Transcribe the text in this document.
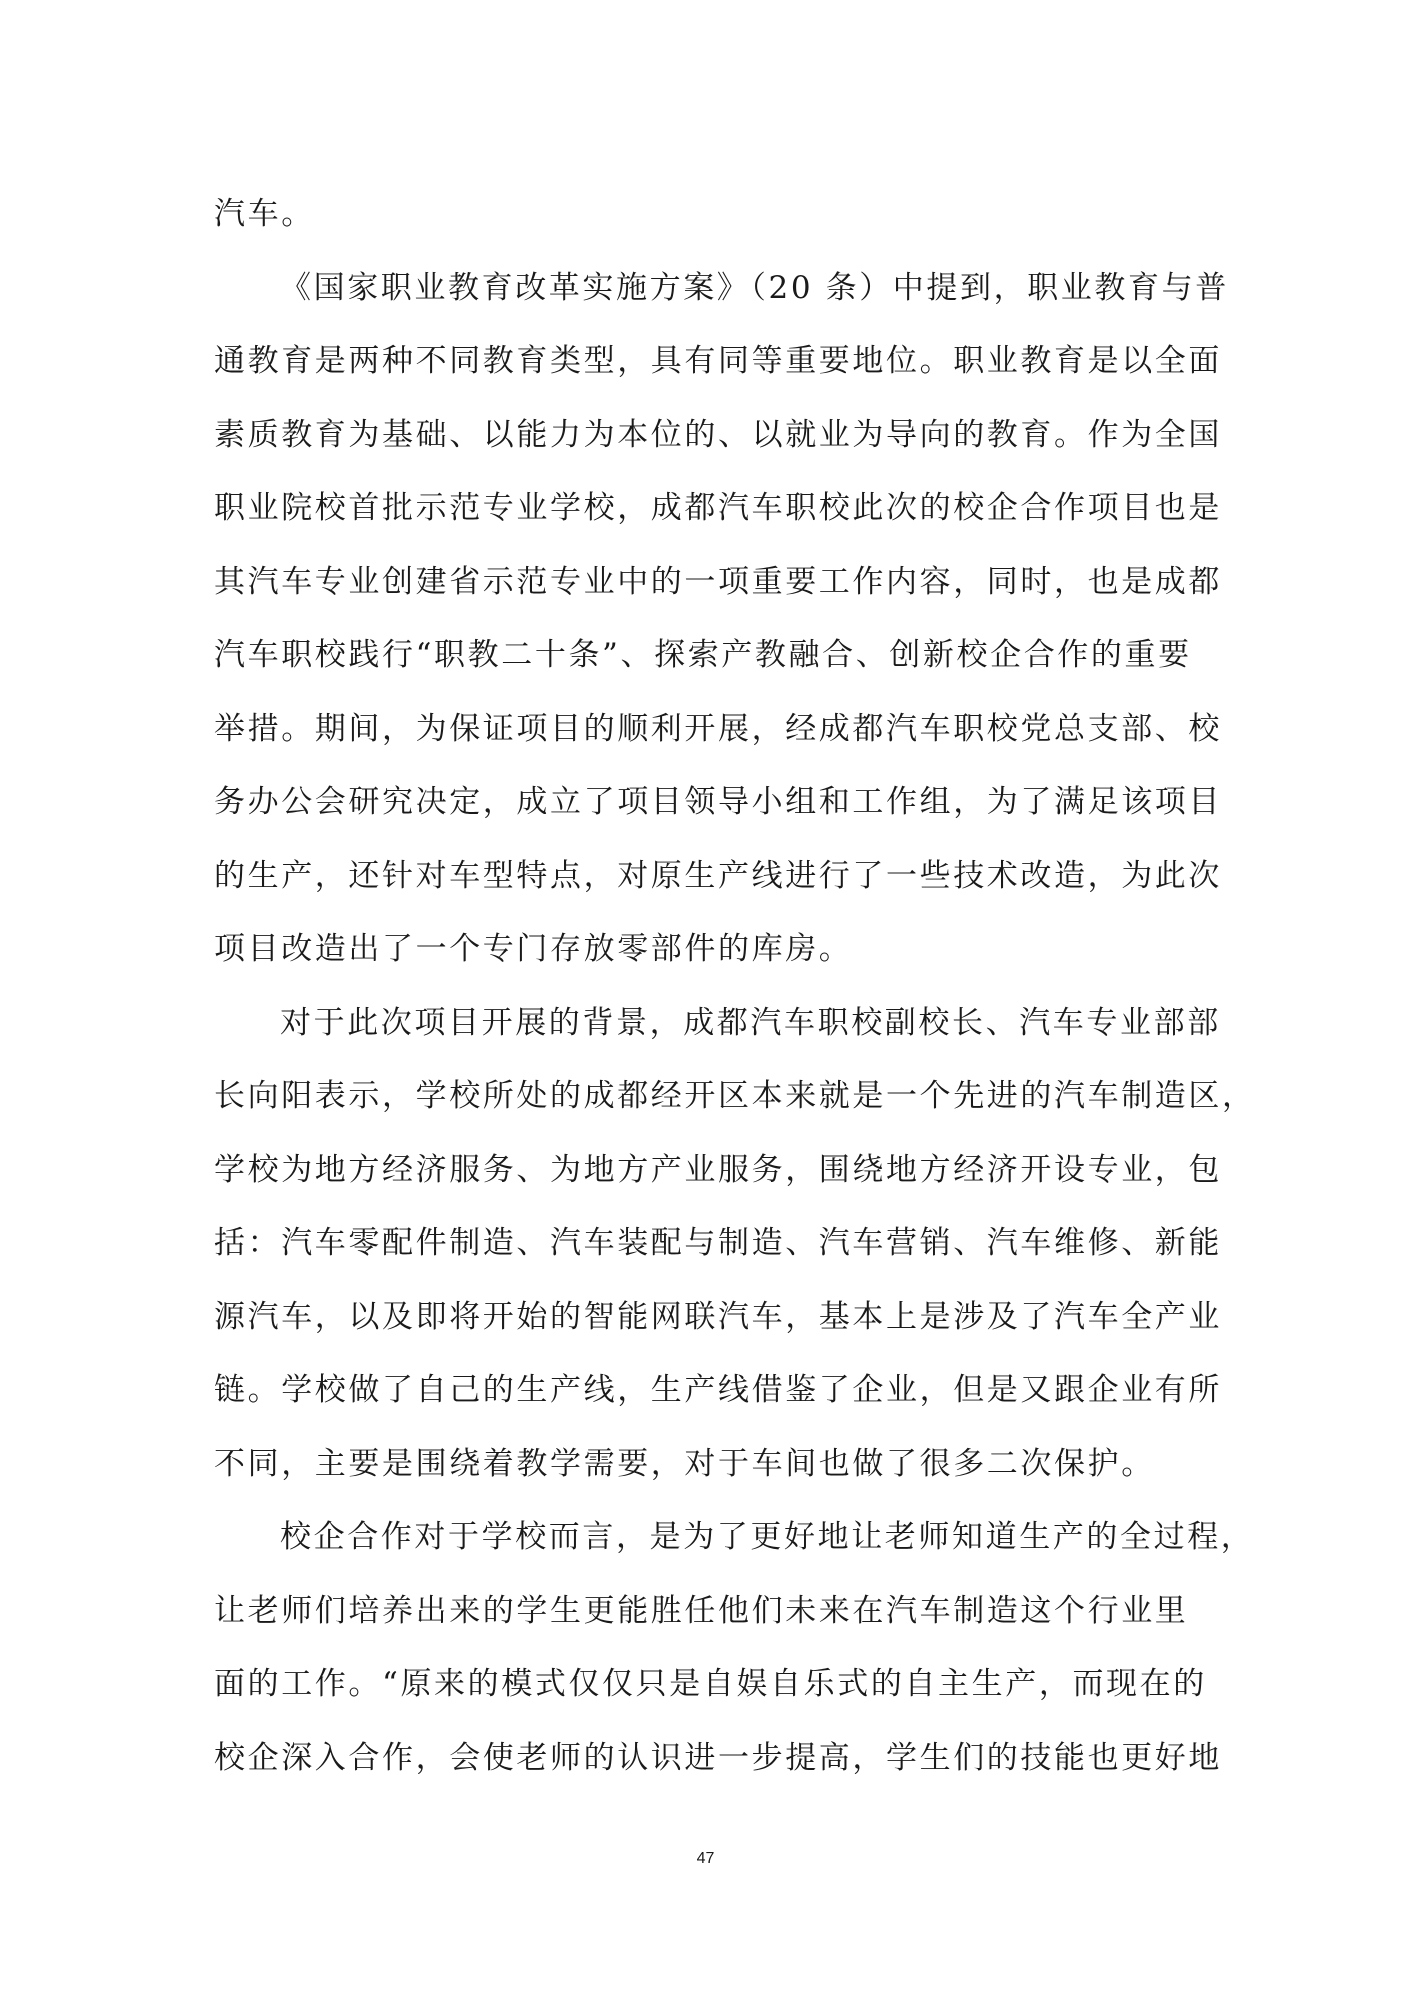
汽车。
《国家职业教育改革实施方案》（20 条）中提到，职业教育与普
通教育是两种不同教育类型，具有同等重要地位。职业教育是以全面
素质教育为基础、以能力为本位的、以就业为导向的教育。作为全国
职业院校首批示范专业学校，成都汽车职校此次的校企合作项目也是
其汽车专业创建省示范专业中的一项重要工作内容，同时，也是成都
汽车职校践行“职教二十条”、探索产教融合、创新校企合作的重要
举措。期间，为保证项目的顺利开展，经成都汽车职校党总支部、校
务办公会研究决定，成立了项目领导小组和工作组，为了满足该项目
的生产，还针对车型特点，对原生产线进行了一些技术改造，为此次
项目改造出了一个专门存放零部件的库房。
对于此次项目开展的背景，成都汽车职校副校长、汽车专业部部
长向阳表示，学校所处的成都经开区本来就是一个先进的汽车制造区，
学校为地方经济服务、为地方产业服务，围绕地方经济开设专业，包
括：汽车零配件制造、汽车装配与制造、汽车营销、汽车维修、新能
源汽车，以及即将开始的智能网联汽车，基本上是涉及了汽车全产业
链。学校做了自己的生产线，生产线借鉴了企业，但是又跟企业有所
不同，主要是围绕着教学需要，对于车间也做了很多二次保护。
校企合作对于学校而言，是为了更好地让老师知道生产的全过程，
让老师们培养出来的学生更能胜任他们未来在汽车制造这个行业里
面的工作。“原来的模式仅仅只是自娱自乐式的自主生产，而现在的
校企深入合作，会使老师的认识进一步提高，学生们的技能也更好地
47
